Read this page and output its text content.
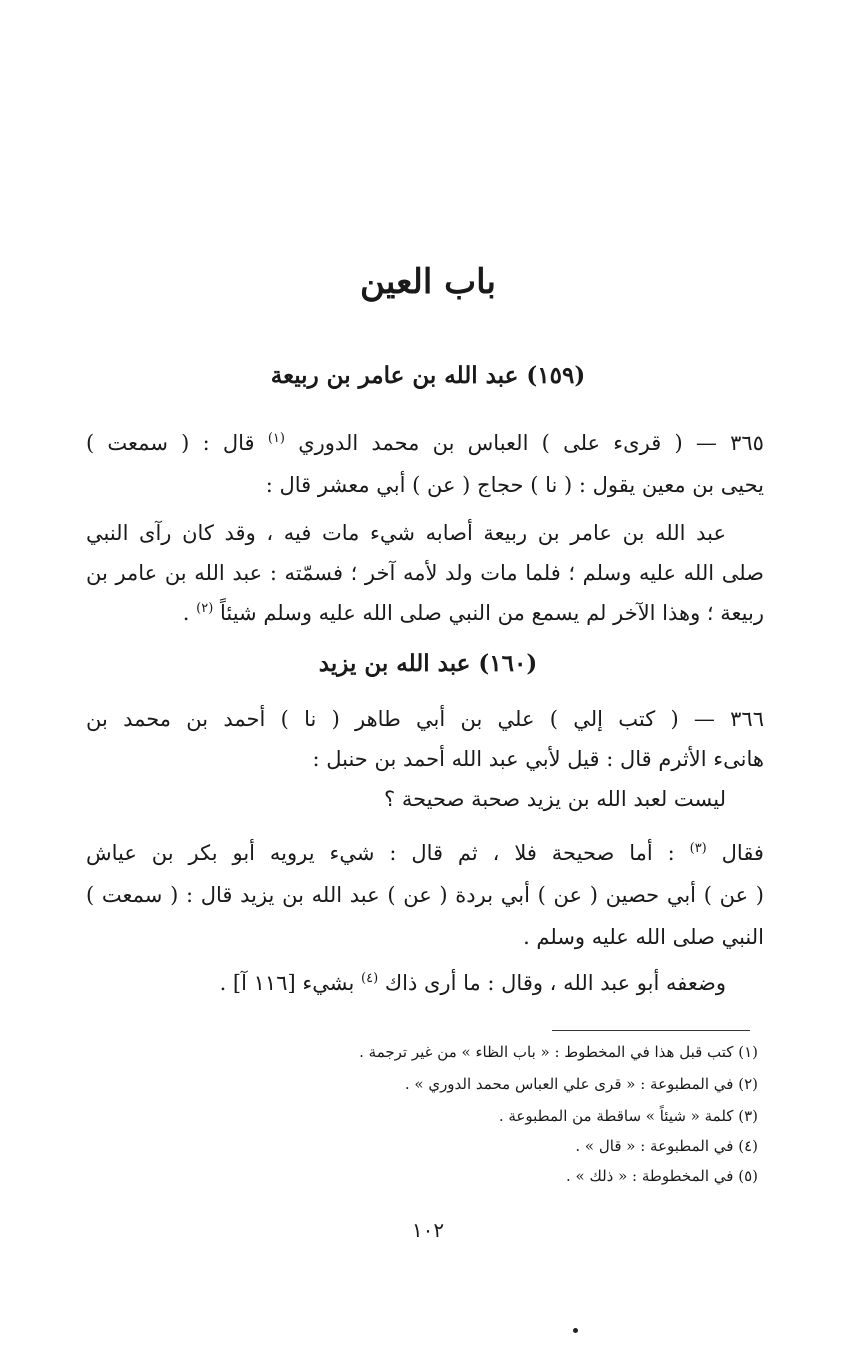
باب العين
(١٥٩) عبد الله بن عامر بن ربيعة

٣٦٥ — ( قرىء على ) العباس بن محمد الدوري $^{(١)}$ قال : ( سمعت )

يحيى بن معين يقول : ( نا ) حجاج ( عن ) أبي معشر قال :

عبد الله بن عامر بن ربيعة أصابه شيء مات فيه ، وقد كان رآى النبي

صلى الله عليه وسلم ؛ فلما مات ولد لأمه آخر ؛ فسمّته : عبد الله بن عامر بن

ربيعة ؛ وهذا الآخر لم يسمع من النبي صلى الله عليه وسلم شيئاً $^{(٢)}$ .

(١٦٠) عبد الله بن يزيد

٣٦٦ — ( كتب إلي ) علي بن أبي طاهر ( نا ) أحمد بن محمد بن

هانىء الأثرم قال : قيل لأبي عبد الله أحمد بن حنبل :

ليست لعبد الله بن يزيد صحبة صحيحة ؟

فقال $^{(٣)}$ : أما صحيحة فلا ، ثم قال : شيء يرويه أبو بكر بن عياش

( عن ) أبي حصين ( عن ) أبي بردة ( عن ) عبد الله بن يزيد قال : ( سمعت )

النبي صلى الله عليه وسلم .

وضعفه أبو عبد الله ، وقال : ما أرى ذاك $^{(٤)}$ بشيء [١١٦ آ] .

(١) كتب قبل هذا في المخطوط : « باب الظاء » من غير ترجمة .

(٢) في المطبوعة : « قرى علي العباس محمد الدوري » .

(٣) كلمة « شيئاً » ساقطة من المطبوعة .

(٤) في المطبوعة : « قال » .

(٥) في المخطوطة : « ذلك » .

١٠٢
